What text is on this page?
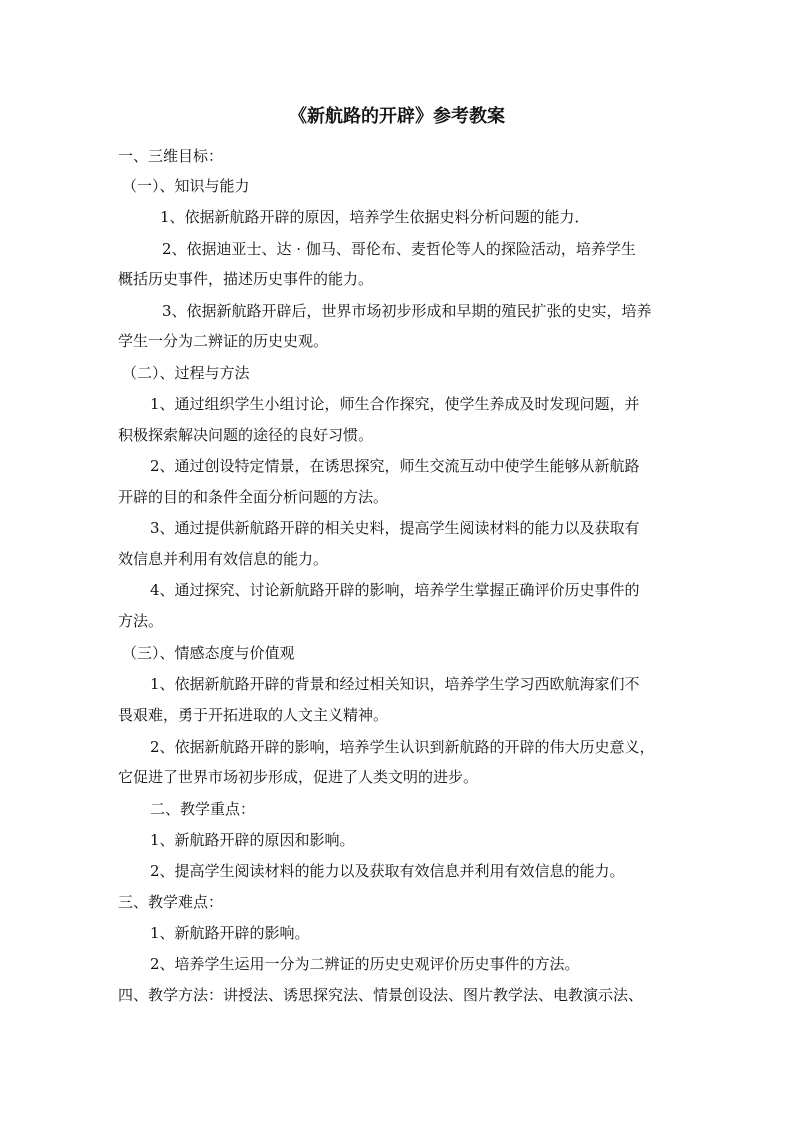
《新航路的开辟》参考教案
一、三维目标：
（一）、知识与能力
1、依据新航路开辟的原因，培养学生依据史料分析问题的能力．
2、依据迪亚士、达 · 伽马、哥伦布、麦哲伦等人的探险活动，培养学生
概括历史事件，描述历史事件的能力。
3、依据新航路开辟后，世界市场初步形成和早期的殖民扩张的史实，培养
学生一分为二辨证的历史史观。
（二）、过程与方法
1、通过组织学生小组讨论，师生合作探究，使学生养成及时发现问题，并
积极探索解决问题的途径的良好习惯。
2、通过创设特定情景，在诱思探究，师生交流互动中使学生能够从新航路
开辟的目的和条件全面分析问题的方法。
3、通过提供新航路开辟的相关史料，提高学生阅读材料的能力以及获取有
效信息并利用有效信息的能力。
4、通过探究、讨论新航路开辟的影响，培养学生掌握正确评价历史事件的
方法。
（三）、情感态度与价值观
1、依据新航路开辟的背景和经过相关知识，培养学生学习西欧航海家们不
畏艰难，勇于开拓进取的人文主义精神。
2、依据新航路开辟的影响，培养学生认识到新航路的开辟的伟大历史意义，
它促进了世界市场初步形成，促进了人类文明的进步。
二、教学重点：
1、新航路开辟的原因和影响。
2、提高学生阅读材料的能力以及获取有效信息并利用有效信息的能力。
三、教学难点：
1、新航路开辟的影响。
2、培养学生运用一分为二辨证的历史史观评价历史事件的方法。
四、教学方法：讲授法、诱思探究法、情景创设法、图片教学法、电教演示法、
